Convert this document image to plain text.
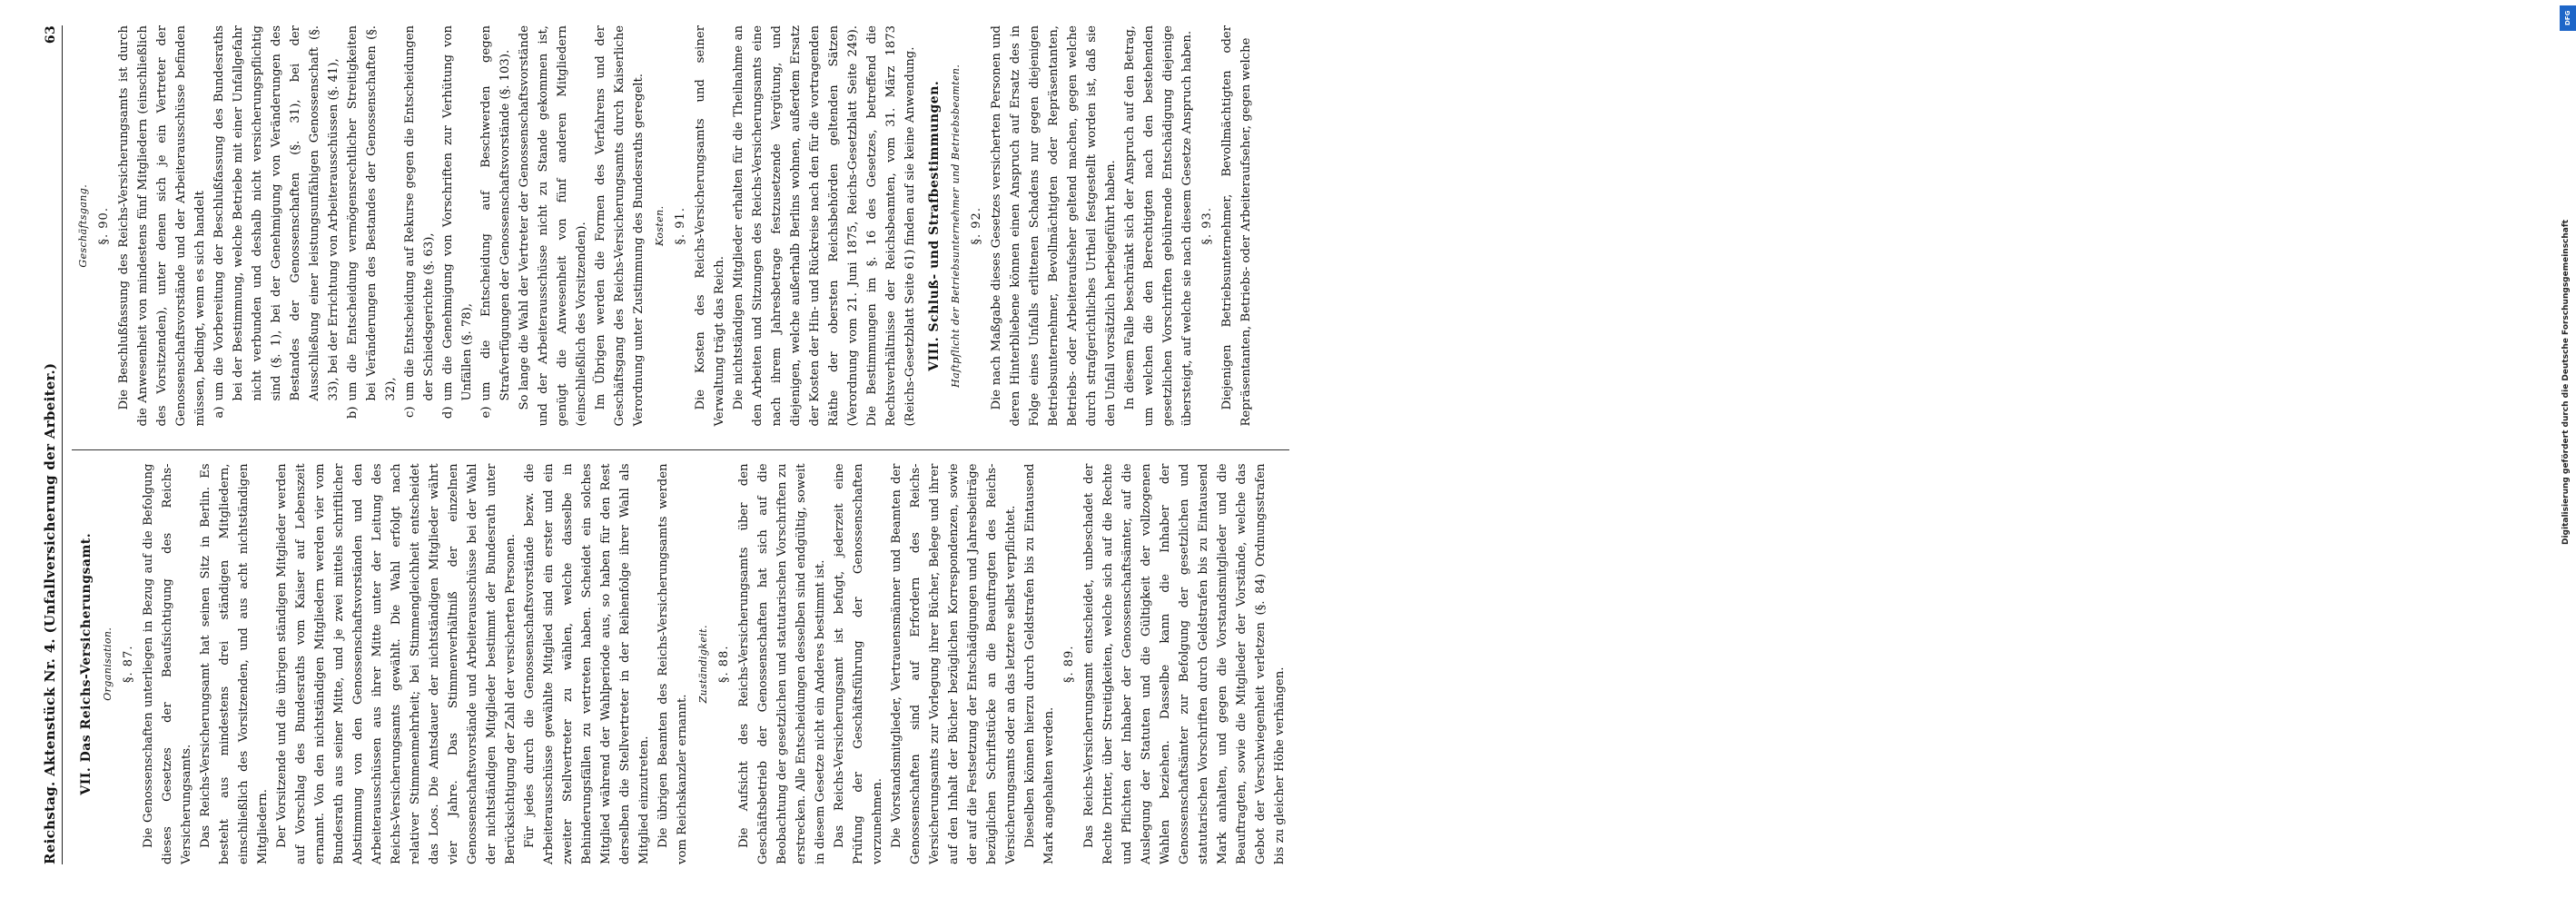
DFG
Digitalisierung gefördert durch die Deutsche Forschungsgemeinschaft
Reichstag. Aktenstück Nr. 4. (Unfallversicherung der Arbeiter.)
63
VII. Das Reichs-Versicherungsamt. Organisation. §. 87. Die Genossenschaften unterliegen in Bezug auf die Befolgung dieses Gesetzes der Beaufsichtigung des Reichs-Versicherungsamts. Das Reichs-Versicherungsamt hat seinen Sitz in Berlin. Es besteht aus mindestens drei ständigen Mitgliedern, einschließlich des Vorsitzenden, und aus acht nichtständigen Mitgliedern. Der Vorsitzende und die übrigen ständigen Mitglieder werden auf Vorschlag des Bundesraths vom Kaiser auf Lebenszeit ernannt. Von den nichtständigen Mitgliedern werden vier vom Bundesrath aus seiner Mitte, und je zwei mittels schriftlicher Abstimmung von den Genossenschaftsvorständen und den Arbeiterausschüssen aus ihrer Mitte unter der Leitung des Reichs-Versicherungsamts gewählt. Die Wahl erfolgt nach relativer Stimmenmehrheit; bei Stimmengleichheit entscheidet das Loos. Die Amtsdauer der nichtständigen Mitglieder währt vier Jahre. Das Stimmenverhältniß der einzelnen Genossenschaftsvorstände und Arbeiterausschüsse bei der Wahl der nichtständigen Mitglieder bestimmt der Bundesrath unter Berücksichtigung der Zahl der versicherten Personen. Für jedes durch die Genossenschaftsvorstände bezw. die Arbeiterausschüsse gewählte Mitglied sind ein erster und ein zweiter Stellvertreter zu wählen, welche dasselbe in Behinderungsfällen zu vertreten haben. Scheidet ein solches Mitglied während der Wahlperiode aus, so haben für den Rest derselben die Stellvertreter in der Reihenfolge ihrer Wahl als Mitglied einzutreten. Die übrigen Beamten des Reichs-Versicherungsamts werden vom Reichskanzler ernannt.

Zuständigkeit. §. 88. Die Aufsicht des Reichs-Versicherungsamts über den Geschäftsbetrieb der Genossenschaften hat sich auf die Beobachtung der gesetzlichen und statutarischen Vorschriften zu erstrecken. Alle Entscheidungen desselben sind endgültig, soweit in diesem Gesetze nicht ein Anderes bestimmt ist. Das Reichs-Versicherungsamt ist befugt, jederzeit eine Prüfung der Geschäftsführung der Genossenschaften vorzunehmen. Die Vorstandsmitglieder, Vertrauensmänner und Beamten der Genossenschaften sind auf Erfordern des Reichs-Versicherungsamts zur Vorlegung ihrer Bücher, Belege und ihrer auf den Inhalt der Bücher bezüglichen Korrespondenzen, sowie der auf die Festsetzung der Entschädigungen und Jahresbeiträge bezüglichen Schriftstücke an die Beauftragten des Reichs-Versicherungsamts oder an das letztere selbst verpflichtet. Dieselben können hierzu durch Geldstrafen bis zu Eintausend Mark angehalten werden.

§. 89. Das Reichs-Versicherungsamt entscheidet, unbeschadet der Rechte Dritter, über Streitigkeiten, welche sich auf die Rechte und Pflichten der Inhaber der Genossenschaftsämter, auf die Auslegung der Statuten und die Gültigkeit der vollzogenen Wahlen beziehen. Dasselbe kann die Inhaber der Genossenschaftsämter zur Befolgung der gesetzlichen und statutarischen Vorschriften durch Geldstrafen bis zu Eintausend Mark anhalten, und gegen die Vorstandsmitglieder und die Beauftragten, sowie die Mitglieder der Vorstände, welche das Gebot der Verschwiegenheit verletzen (§. 84) Ordnungsstrafen bis zu gleicher Höhe verhängen.

Geschäftsgang. §. 90. Die Beschlußfassung des Reichs-Versicherungsamts ist durch die Anwesenheit von mindestens fünf Mitgliedern (einschließlich des Vorsitzenden), unter denen sich je ein Vertreter der Genossenschaftsvorstände und der Arbeiterausschüsse befinden müssen, bedingt, wenn es sich handelt a)
um die Vorbereitung der Beschlußfassung des Bundesraths bei der Bestimmung, welche Betriebe mit einer Unfallgefahr nicht verbunden und deshalb nicht versicherungspflichtig sind (§. 1), bei der Genehmigung von Veränderungen des Bestandes der Genossenschaften (§. 31), bei der Ausschließung einer leistungsunfähigen Genossenschaft (§. 33), bei der Errichtung von Arbeiterausschüssen (§. 41),
b)
um die Entscheidung vermögensrechtlicher Streitigkeiten bei Veränderungen des Bestandes der Genossenschaften (§. 32),
c)
um die Entscheidung auf Rekurse gegen die Entscheidungen der Schiedsgerichte (§. 63),
d)
um die Genehmigung von Vorschriften zur Verhütung von Unfällen (§. 78),
e)
um die Entscheidung auf Beschwerden gegen Strafverfügungen der Genossenschaftsvorstände (§. 103). So lange die Wahl der Vertreter der Genossenschaftsvorstände und der Arbeiterausschüsse nicht zu Stande gekommen ist, genügt die Anwesenheit von fünf anderen Mitgliedern (einschließlich des Vorsitzenden). Im Übrigen werden die Formen des Verfahrens und der Geschäftsgang des Reichs-Versicherungsamts durch Kaiserliche Verordnung unter Zustimmung des Bundesraths geregelt. Kosten. §. 91. Die Kosten des Reichs-Versicherungsamts und seiner Verwaltung trägt das Reich. Die nichtständigen Mitglieder erhalten für die Theilnahme an den Arbeiten und Sitzungen des Reichs-Versicherungsamts eine nach ihrem Jahresbetrage festzusetzende Vergütung, und diejenigen, welche außerhalb Berlins wohnen, außerdem Ersatz der Kosten der Hin- und Rückreise nach den für die vortragenden Räthe der obersten Reichsbehörden geltenden Sätzen (Verordnung vom 21. Juni 1875, Reichs-Gesetzblatt Seite 249). Die Bestimmungen im §. 16 des Gesetzes, betreffend die Rechtsverhältnisse der Reichsbeamten, vom 31. März 1873 (Reichs-Gesetzblatt Seite 61) finden auf sie keine Anwendung. VIII. Schluß- und Strafbestimmungen. Haftpflicht der Betriebsunternehmer und Betriebsbeamten. §. 92. Die nach Maßgabe dieses Gesetzes versicherten Personen und deren Hinterbliebene können einen Anspruch auf Ersatz des in Folge eines Unfalls erlittenen Schadens nur gegen diejenigen Betriebsunternehmer, Bevollmächtigten oder Repräsentanten, Betriebs- oder Arbeiteraufseher geltend machen, gegen welche durch strafgerichtliches Urtheil festgestellt worden ist, daß sie den Unfall vorsätzlich herbeigeführt haben. In diesem Falle beschränkt sich der Anspruch auf den Betrag, um welchen die den Berechtigten nach den bestehenden gesetzlichen Vorschriften gebührende Entschädigung diejenige übersteigt, auf welche sie nach diesem Gesetze Anspruch haben. §. 93. Diejenigen Betriebsunternehmer, Bevollmächtigten oder Repräsentanten, Betriebs- oder Arbeiteraufseher, gegen welche
